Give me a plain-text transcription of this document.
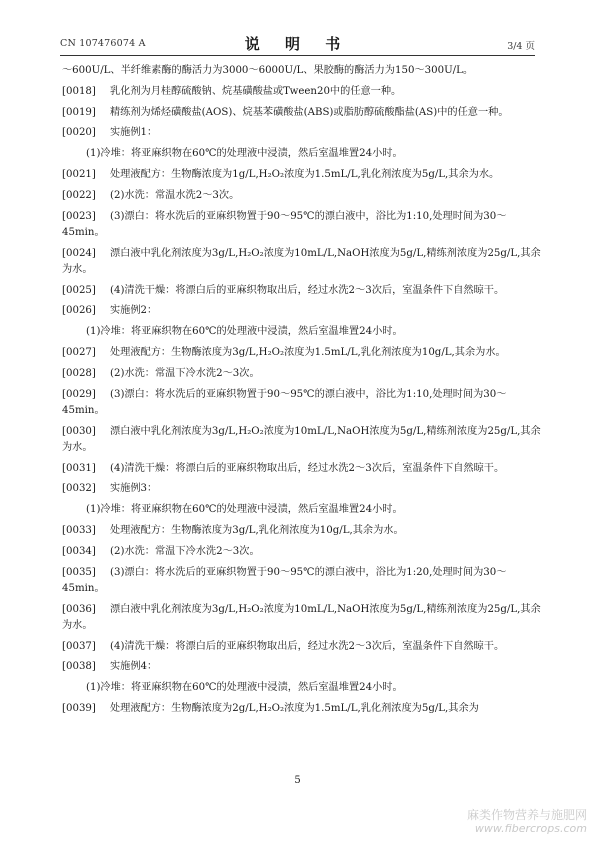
CN 107476074 A	说 明 书	3/4 页

～600U/L、半纤维素酶的酶活力为3000～6000U/L、果胶酶的酶活力为150～300U/L。

[0018] 乳化剂为月桂醇硫酸钠、烷基磺酸盐或Tween20中的任意一种。

[0019] 精练剂为烯烃磺酸盐(AOS)、烷基苯磺酸盐(ABS)或脂肪醇硫酸酯盐(AS)中的任意一种。

[0020] 实施例1：

(1)冷堆：将亚麻织物在60℃的处理液中浸渍，然后室温堆置24小时。

[0021] 处理液配方：生物酶浓度为1g/L,H₂O₂浓度为1.5mL/L,乳化剂浓度为5g/L,其余为水。

[0022] (2)水洗：常温水洗2～3次。

[0023] (3)漂白：将水洗后的亚麻织物置于90～95℃的漂白液中，浴比为1:10,处理时间为30～45min。

[0024] 漂白液中乳化剂浓度为3g/L,H₂O₂浓度为10mL/L,NaOH浓度为5g/L,精练剂浓度为25g/L,其余为水。

[0025] (4)清洗干燥：将漂白后的亚麻织物取出后，经过水洗2～3次后，室温条件下自然晾干。

[0026] 实施例2：

(1)冷堆：将亚麻织物在60℃的处理液中浸渍，然后室温堆置24小时。

[0027] 处理液配方：生物酶浓度为3g/L,H₂O₂浓度为1.5mL/L,乳化剂浓度为10g/L,其余为水。

[0028] (2)水洗：常温下冷水洗2～3次。

[0029] (3)漂白：将水洗后的亚麻织物置于90～95℃的漂白液中，浴比为1:10,处理时间为30～45min。

[0030] 漂白液中乳化剂浓度为3g/L,H₂O₂浓度为10mL/L,NaOH浓度为5g/L,精练剂浓度为25g/L,其余为水。

[0031] (4)清洗干燥：将漂白后的亚麻织物取出后，经过水洗2～3次后，室温条件下自然晾干。

[0032] 实施例3：

(1)冷堆：将亚麻织物在60℃的处理液中浸渍，然后室温堆置24小时。

[0033] 处理液配方：生物酶浓度为3g/L,乳化剂浓度为10g/L,其余为水。

[0034] (2)水洗：常温下冷水洗2～3次。

[0035] (3)漂白：将水洗后的亚麻织物置于90～95℃的漂白液中，浴比为1:20,处理时间为30～45min。

[0036] 漂白液中乳化剂浓度为3g/L,H₂O₂浓度为10mL/L,NaOH浓度为5g/L,精练剂浓度为25g/L,其余为水。

[0037] (4)清洗干燥：将漂白后的亚麻织物取出后，经过水洗2～3次后，室温条件下自然晾干。

[0038] 实施例4：

(1)冷堆：将亚麻织物在60℃的处理液中浸渍，然后室温堆置24小时。

[0039] 处理液配方：生物酶浓度为2g/L,H₂O₂浓度为1.5mL/L,乳化剂浓度为5g/L,其余为

5
麻类作物营养与施肥网
www.fibercrops.com
